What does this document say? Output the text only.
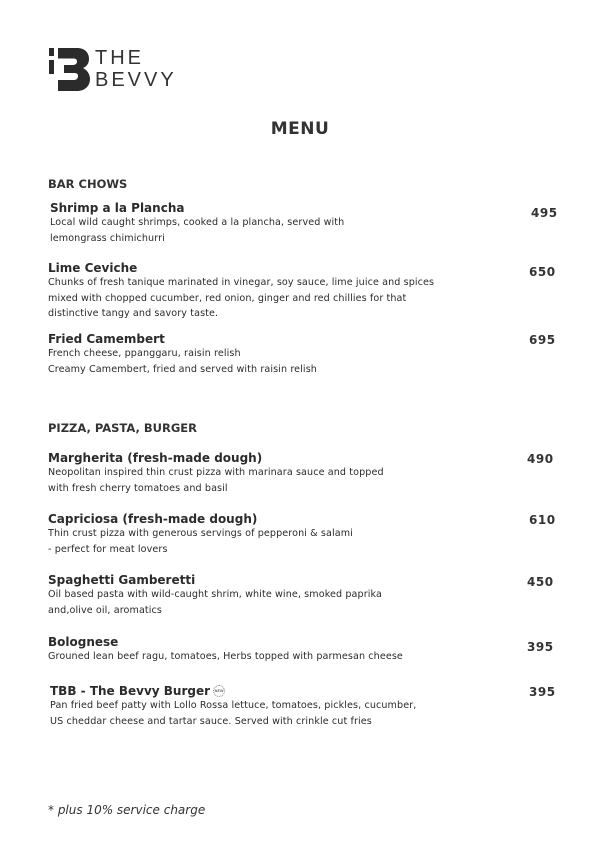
THE
BEVVY
MENU
BAR CHOWS
Shrimp a la Plancha
Local wild caught shrimps, cooked a la plancha, served with
lemongrass chimichurri
495
Lime Ceviche
Chunks of fresh tanique marinated in vinegar, soy sauce, lime juice and spices
mixed with chopped cucumber, red onion, ginger and red chillies for that
distinctive tangy and savory taste.
650
Fried Camembert
French cheese, ppanggaru, raisin relish
Creamy Camembert, fried and served with raisin relish
695
PIZZA, PASTA, BURGER
Margherita (fresh-made dough)
Neopolitan inspired thin crust pizza with marinara sauce and topped
with fresh cherry tomatoes and basil
490
Capriciosa (fresh-made dough)
Thin crust pizza with generous servings of pepperoni & salami
- perfect for meat lovers
610
Spaghetti Gamberetti
Oil based pasta with wild-caught shrim, white wine, smoked paprika
and,olive oil, aromatics
450
Bolognese
Grouned lean beef ragu, tomatoes, Herbs topped with parmesan cheese
395
TBB - The Bevvy Burger	NEW
Pan fried beef patty with Lollo Rossa lettuce, tomatoes, pickles, cucumber,
US cheddar cheese and tartar sauce. Served with crinkle cut fries
395
* plus 10% service charge
